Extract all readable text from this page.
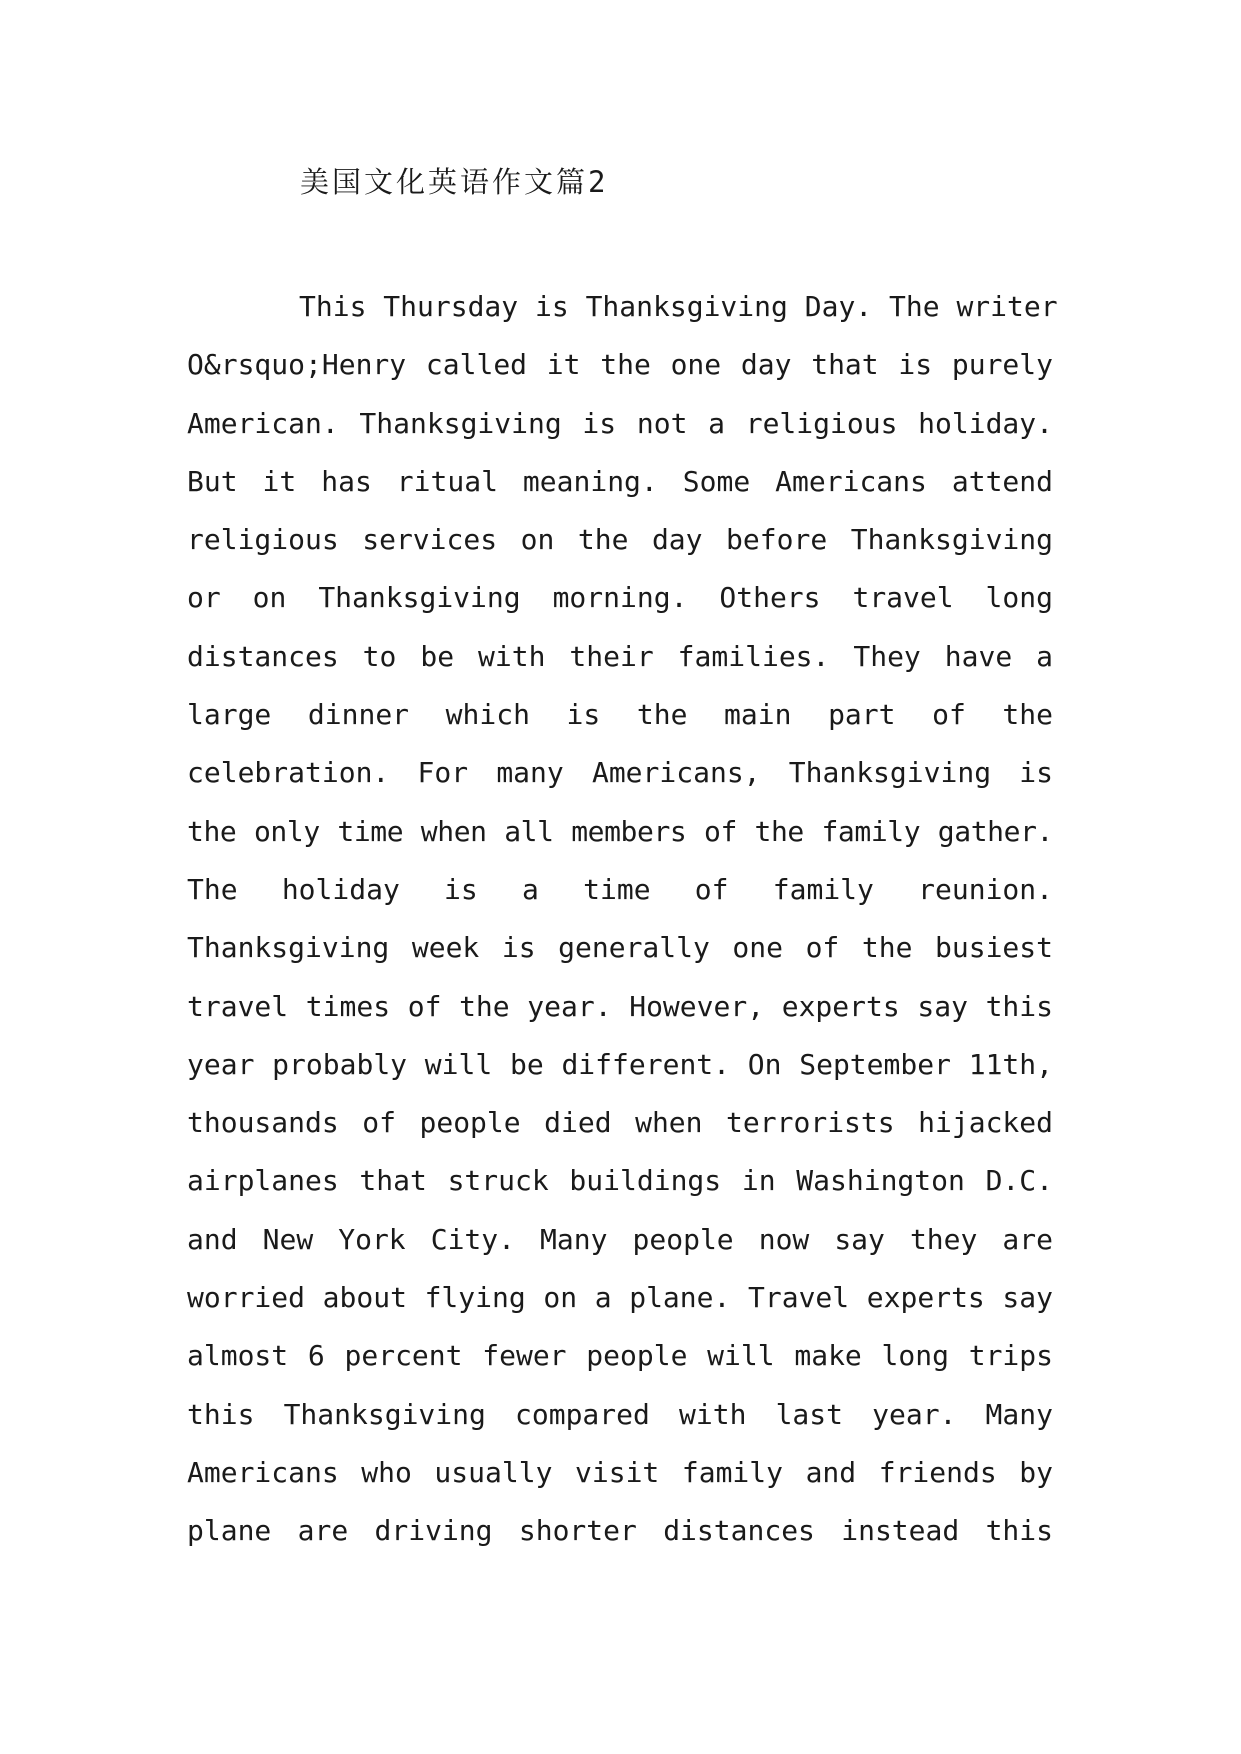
美国文化英语作文篇2
This Thursday is Thanksgiving Day. The writer
O&rsquo;Henry called it the one day that is purely
American. Thanksgiving is not a religious holiday.
But it has ritual meaning. Some Americans attend
religious services on the day before Thanksgiving
or on Thanksgiving morning. Others travel long
distances to be with their families. They have a
large dinner which is the main part of the
celebration. For many Americans, Thanksgiving is
the only time when all members of the family gather.
The holiday is a time of family reunion.
Thanksgiving week is generally one of the busiest
travel times of the year. However, experts say this
year probably will be different. On September 11th,
thousands of people died when terrorists hijacked
airplanes that struck buildings in Washington D.C.
and New York City. Many people now say they are
worried about flying on a plane. Travel experts say
almost 6 percent fewer people will make long trips
this Thanksgiving compared with last year. Many
Americans who usually visit family and friends by
plane are driving shorter distances instead this
